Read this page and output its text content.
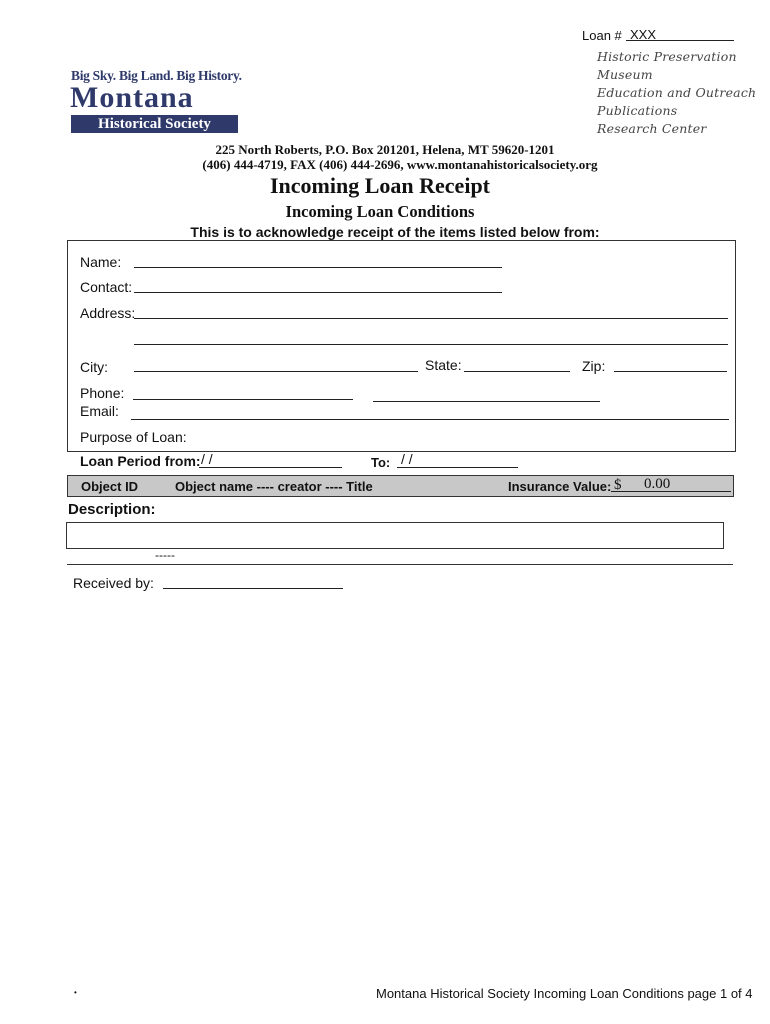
Loan # XXX
Big Sky. Big Land. Big History.
Montana
Historical Society
Historic Preservation
Museum
Education and Outreach
Publications
Research Center
225 North Roberts, P.O. Box 201201, Helena, MT 59620-1201
(406) 444-4719, FAX (406) 444-2696, www.montanahistoricalsociety.org
Incoming Loan Receipt
Incoming Loan Conditions
This is to acknowledge receipt of the items listed below from:
Name:
Contact:
Address:
City:	State:	Zip:
Phone:
Email:
Purpose of Loan:
Loan Period from: / /	To: / /
Object ID	Object name ---- creator ---- Title	Insurance Value: $ 0.00
Description:
-----
Received by:
•	Montana Historical Society Incoming Loan Conditions page 1 of 4
